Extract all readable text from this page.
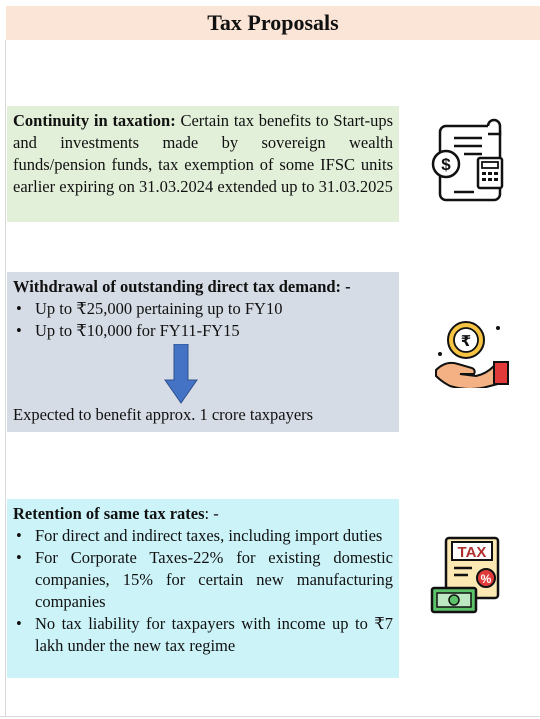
Tax Proposals
Continuity in taxation: Certain tax benefits to Start-ups and investments made by sovereign wealth funds/pension funds, tax exemption of some IFSC units earlier expiring on 31.03.2024 extended up to 31.03.2025
Withdrawal of outstanding direct tax demand: -
• Up to ₹25,000 pertaining up to FY10
• Up to ₹10,000 for FY11-FY15
Expected to benefit approx. 1 crore taxpayers
Retention of same tax rates: -
• For direct and indirect taxes, including import duties
• For Corporate Taxes-22% for existing domestic companies, 15% for certain new manufacturing companies
• No tax liability for taxpayers with income up to ₹7 lakh under the new tax regime
$
₹
TAX
%
